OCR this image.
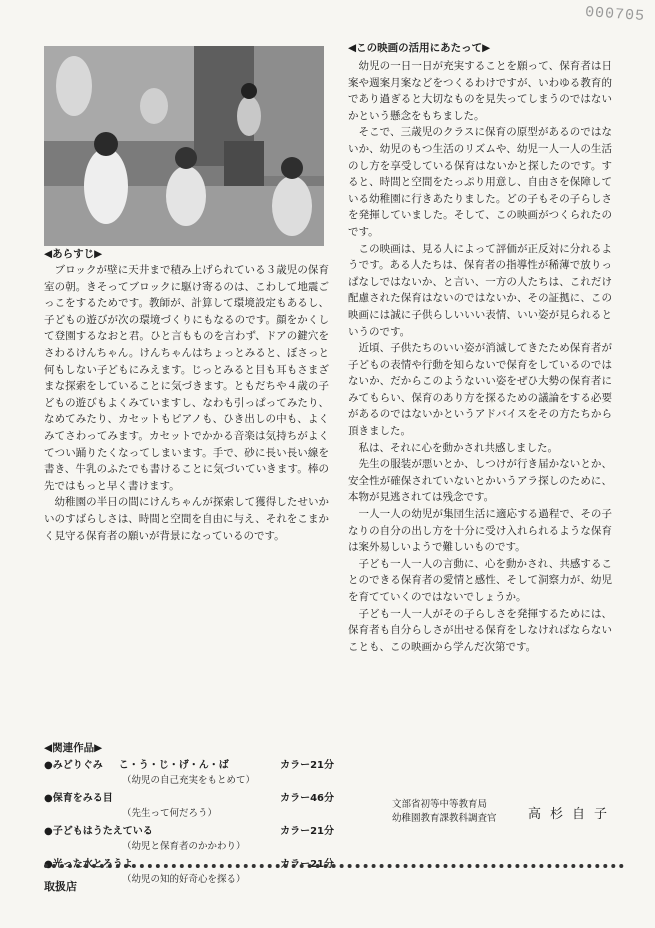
000705
◀あらすじ▶

ブロックが壁に天井まで積み上げられている３歳児の保育室の朝。きそってブロックに駆け寄るのは、こわして地震ごっこをするためです。教師が、計算して環境設定もあるし、子どもの遊びが次の環境づくりにもなるのです。顔をかくして登園するなおと君。ひと言もものを言わず、ドアの鍵穴をさわるけんちゃん。けんちゃんはちょっとみると、ぼさっと何もしない子どもにみえます。じっとみると目も耳もさまざまな探索をしていることに気づきます。ともだちや４歳の子どもの遊びもよくみていますし、なわも引っぱってみたり、なめてみたり、カセットもピアノも、ひき出しの中も、よくみてさわってみます。カセットでかかる音楽は気持ちがよくてつい踊りたくなってしまいます。手で、砂に長い長い線を書き、牛乳のふたでも書けることに気づいていきます。棒の先ではもっと早く書けます。

幼稚園の半日の間にけんちゃんが探索して獲得したせいかいのすばらしさは、時間と空間を自由に与え、それをこまかく見守る保育者の願いが背景になっているのです。

◀この映画の活用にあたって▶

幼児の一日一日が充実することを願って、保育者は日案や週案月案などをつくるわけですが、いわゆる教育的であり過ぎると大切なものを見失ってしまうのではないかという懸念をもちました。

そこで、三歳児のクラスに保育の原型があるのではないか、幼児のもつ生活のリズムや、幼児一人一人の生活のし方を享受している保育はないかと探したのです。すると、時間と空間をたっぷり用意し、自由さを保障している幼稚園に行きあたりました。どの子もその子らしさを発揮していました。そして、この映画がつくられたのです。

この映画は、見る人によって評価が正反対に分れるようです。ある人たちは、保育者の指導性が稀薄で放りっぱなしではないか、と言い、一方の人たちは、これだけ配慮された保育はないのではないか、その証拠に、この映画には誠に子供らしいいい表情、いい姿が見られるというのです。

近頃、子供たちのいい姿が消滅してきたため保育者が子どもの表情や行動を知らないで保育をしているのではないか、だからこのようないい姿をぜひ大勢の保育者にみてもらい、保育のあり方を探るための議論をする必要があるのではないかというアドバイスをその方たちから頂きました。

私は、それに心を動かされ共感しました。

先生の服装が悪いとか、しつけが行き届かないとか、安全性が確保されていないとかいうアラ探しのために、本物が見逃されては残念です。

一人一人の幼児が集団生活に適応する過程で、その子なりの自分の出し方を十分に受け入れられるような保育は案外易しいようで難しいものです。

子ども一人一人の言動に、心を動かされ、共感することのできる保育者の愛情と感性、そして洞察力が、幼児を育てていくのではないでしょうか。

子ども一人一人がその子らしさを発揮するためには、保育者も自分らしさが出せる保育をしなければならないことも、この映画から学んだ次第です。

◀関連作品▶
●みどりぐみ こ・う・じ・げ・ん・ば	カラー21分
（幼児の自己充実をもとめて）
●保育をみる目	カラー46分
（先生って何だろう）
●子どもはうたえている	カラー21分
（幼児と保育者のかかわり）
●光った水とろうよ	カラー21分
（幼児の知的好奇心を探る）
文部省初等中等教育局
幼稚園教育課教科調査官 高杉自子
取扱店
